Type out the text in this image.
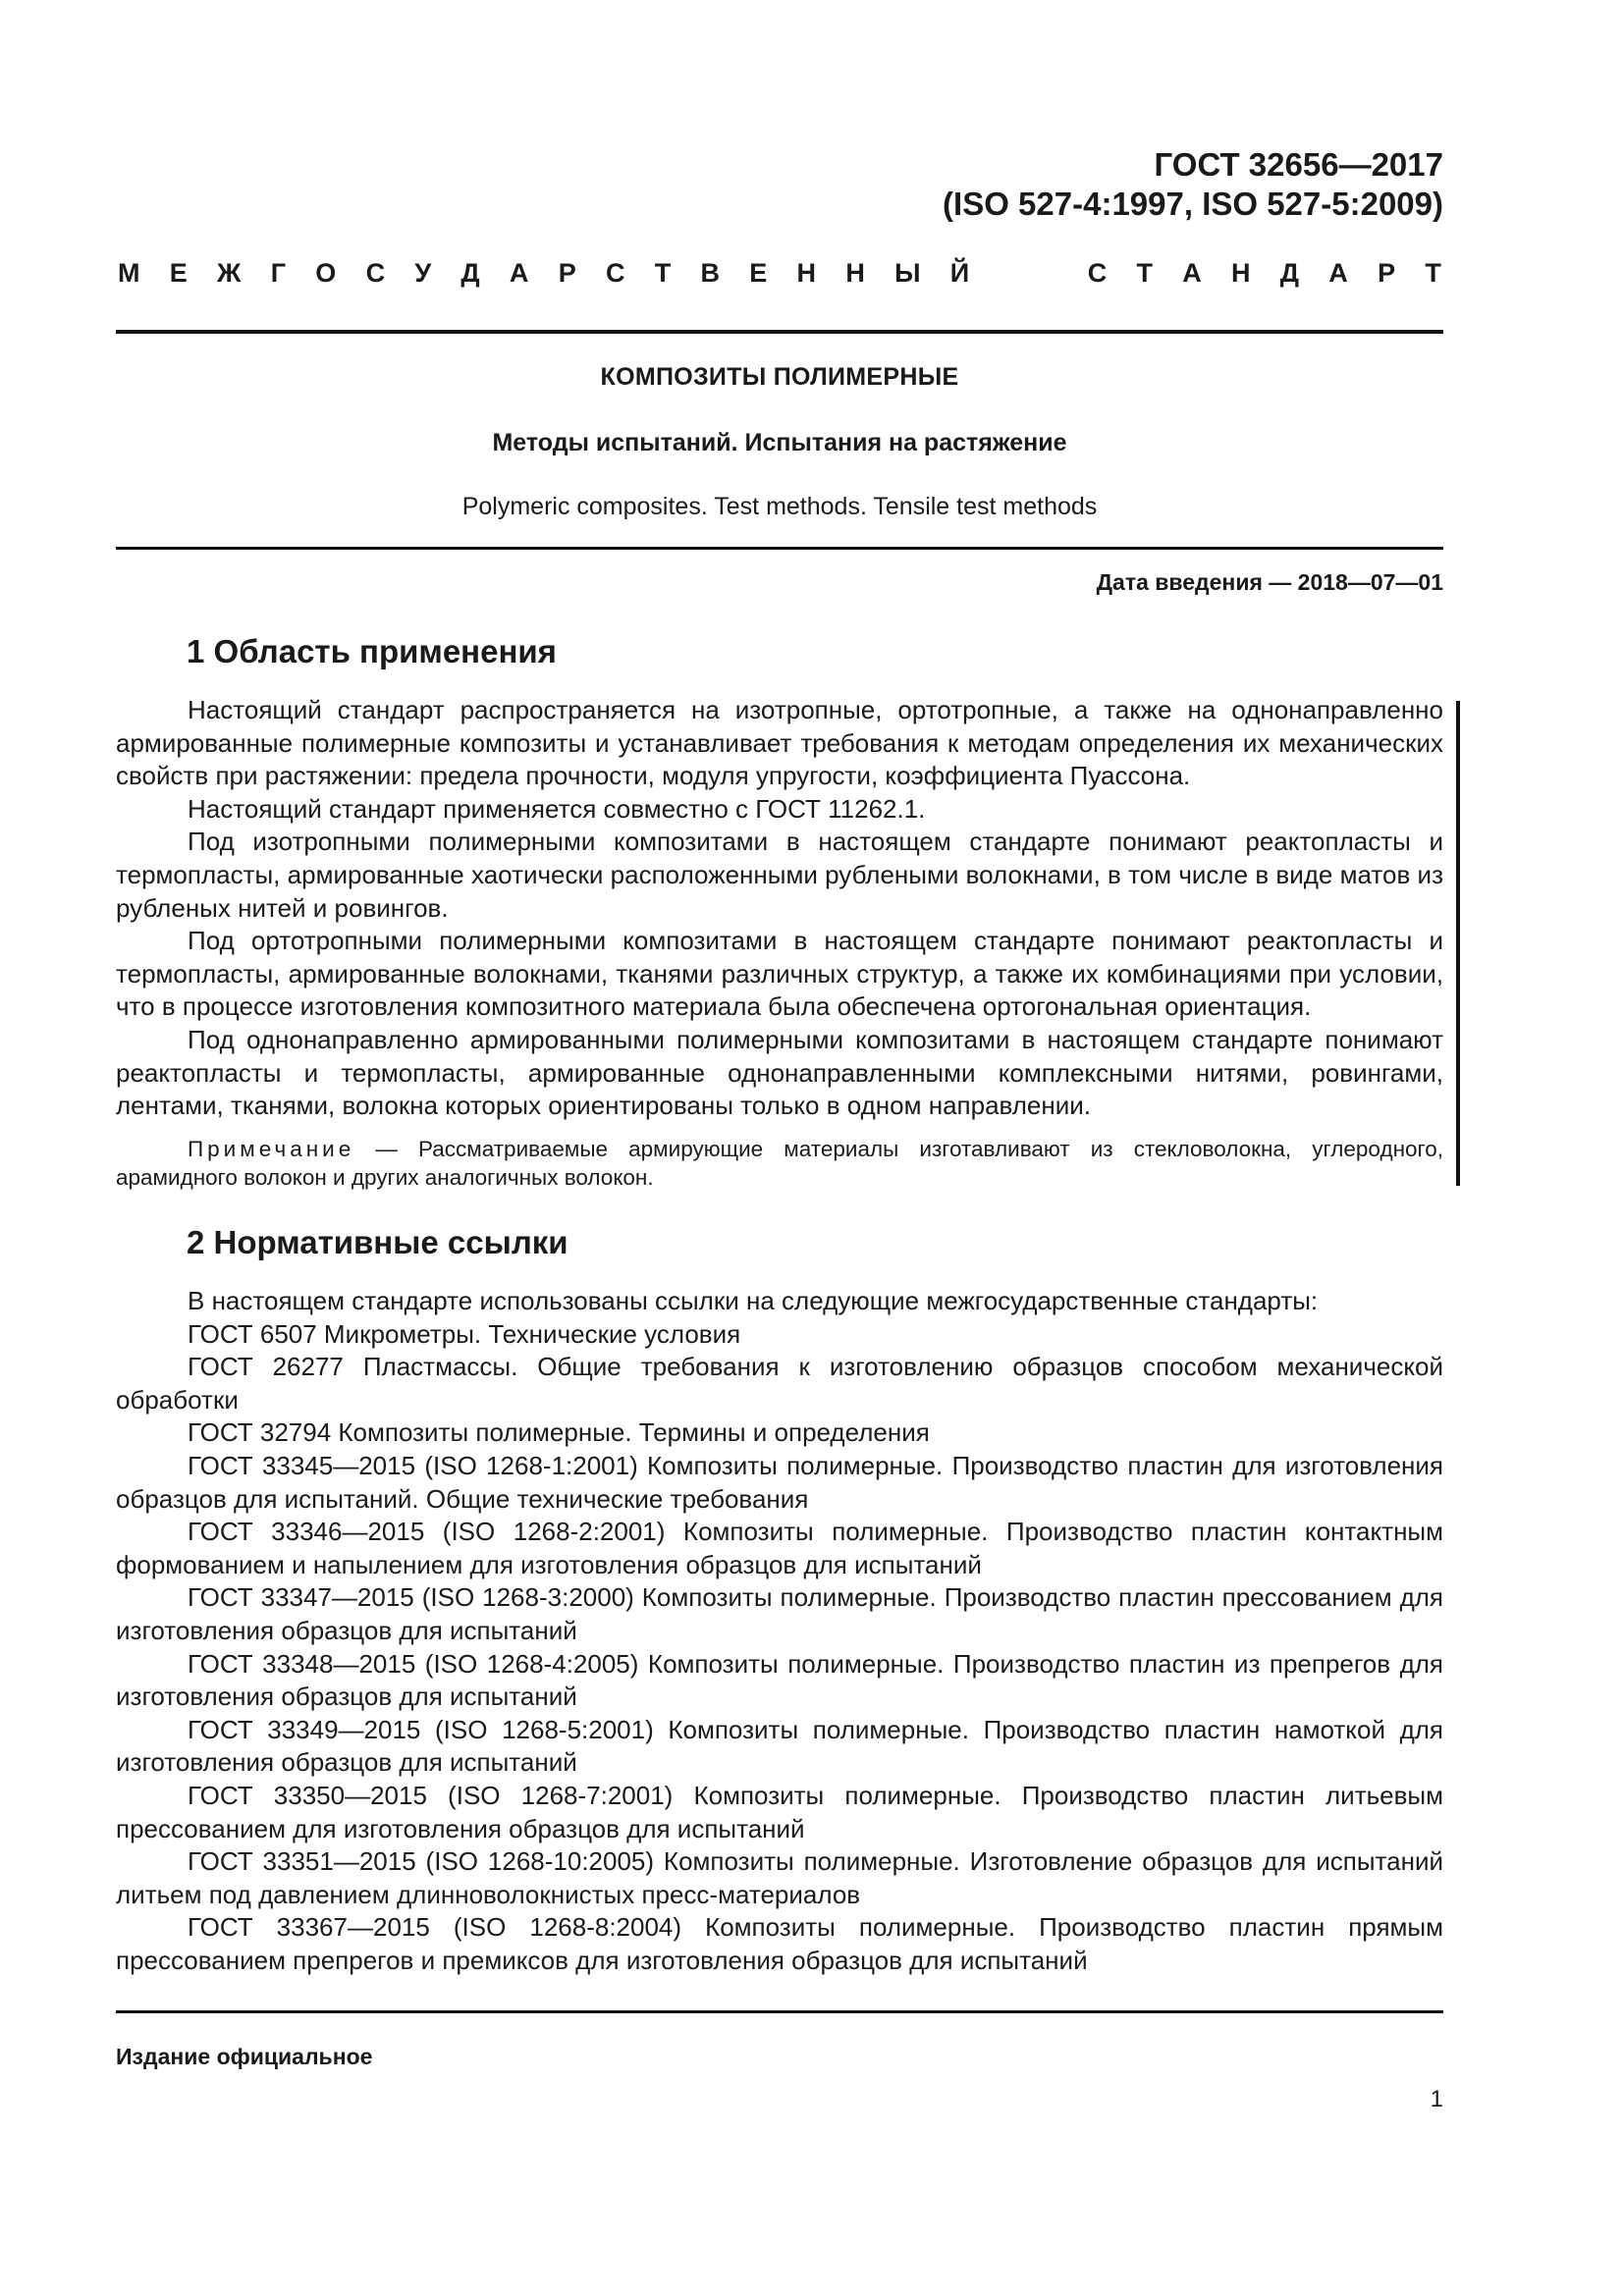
ГОСТ 32656—2017
(ISO 527-4:1997, ISO 527-5:2009)
М Е Ж Г О С У Д А Р С Т В Е Н Н Ы Й	С Т А Н Д А Р Т
КОМПОЗИТЫ ПОЛИМЕРНЫЕ
Методы испытаний. Испытания на растяжение
Polymeric composites. Test methods. Tensile test methods
Дата введения — 2018—07—01
1 Область применения

Настоящий стандарт распространяется на изотропные, ортотропные, а также на однонаправленно армированные полимерные композиты и устанавливает требования к методам определения их механических свойств при растяжении: предела прочности, модуля упругости, коэффициента Пуассона.

Настоящий стандарт применяется совместно с ГОСТ 11262.1.

Под изотропными полимерными композитами в настоящем стандарте понимают реактопласты и термопласты, армированные хаотически расположенными рублеными волокнами, в том числе в виде матов из рубленых нитей и ровингов.

Под ортотропными полимерными композитами в настоящем стандарте понимают реактопласты и термопласты, армированные волокнами, тканями различных структур, а также их комбинациями при условии, что в процессе изготовления композитного материала была обеспечена ортогональная ориентация.

Под однонаправленно армированными полимерными композитами в настоящем стандарте понимают реактопласты и термопласты, армированные однонаправленными комплексными нитями, ровингами, лентами, тканями, волокна которых ориентированы только в одном направлении.

Примечание — Рассматриваемые армирующие материалы изготавливают из стекловолокна, углеродного, арамидного волокон и других аналогичных волокон.

2 Нормативные ссылки

В настоящем стандарте использованы ссылки на следующие межгосударственные стандарты:

ГОСТ 6507 Микрометры. Технические условия

ГОСТ 26277 Пластмассы. Общие требования к изготовлению образцов способом механической обработки

ГОСТ 32794 Композиты полимерные. Термины и определения

ГОСТ 33345—2015 (ISO 1268-1:2001) Композиты полимерные. Производство пластин для изготовления образцов для испытаний. Общие технические требования

ГОСТ 33346—2015 (ISO 1268-2:2001) Композиты полимерные. Производство пластин контактным формованием и напылением для изготовления образцов для испытаний

ГОСТ 33347—2015 (ISO 1268-3:2000) Композиты полимерные. Производство пластин прессованием для изготовления образцов для испытаний

ГОСТ 33348—2015 (ISO 1268-4:2005) Композиты полимерные. Производство пластин из препрегов для изготовления образцов для испытаний

ГОСТ 33349—2015 (ISO 1268-5:2001) Композиты полимерные. Производство пластин намоткой для изготовления образцов для испытаний

ГОСТ 33350—2015 (ISO 1268-7:2001) Композиты полимерные. Производство пластин литьевым прессованием для изготовления образцов для испытаний

ГОСТ 33351—2015 (ISO 1268-10:2005) Композиты полимерные. Изготовление образцов для испытаний литьем под давлением длинноволокнистых пресс-материалов

ГОСТ 33367—2015 (ISO 1268-8:2004) Композиты полимерные. Производство пластин прямым прессованием препрегов и премиксов для изготовления образцов для испытаний

Издание официальное
1
